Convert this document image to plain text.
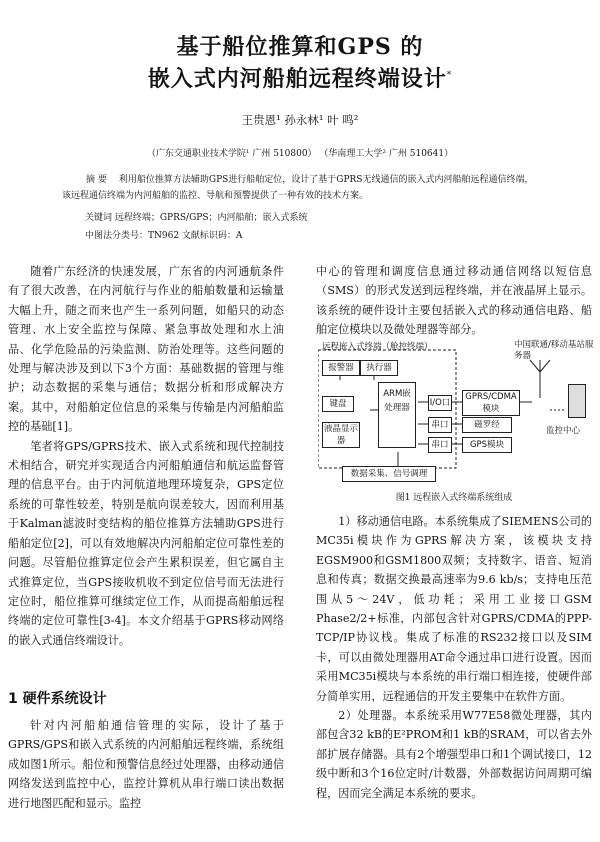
基于船位推算和GPS 的
嵌入式内河船舶远程终端设计*
王贵恩¹ 孙永林¹ 叶 鸣²
（广东交通职业技术学院¹ 广州 510800） （华南理工大学² 广州 510641）
摘 要 利用船位推算方法辅助GPS进行船舶定位，设计了基于GPRS无线通信的嵌入式内河船舶远程通信终端，该远程通信终端为内河船舶的监控、导航和预警提供了一种有效的技术方案。
关键词 远程终端；GPRS/GPS；内河船舶；嵌入式系统
中图法分类号：TN962 文献标识码：A

随着广东经济的快速发展，广东省的内河通航条件有了很大改善，在内河航行与作业的船舶数量和运输量大幅上升，随之而来也产生一系列问题，如船只的动态管理、水上安全监控与保障、紧急事故处理和水上油品、化学危险品的污染监测、防治处理等。这些问题的处理与解决涉及到以下3个方面：基础数据的管理与维护；动态数据的采集与通信；数据分析和形成解决方案。其中，对船舶定位信息的采集与传输是内河船舶监控的基础[1]。

笔者将GPS/GPRS技术、嵌入式系统和现代控制技术相结合，研究并实现适合内河船舶通信和航运监督管理的信息平台。由于内河航道地理环境复杂，GPS定位系统的可靠性较差，特别是航向误差较大，因而利用基于Kalman滤波时变结构的船位推算方法辅助GPS进行船舶定位[2]，可以有效地解决内河船舶定位可靠性差的问题。尽管船位推算定位会产生累积误差，但它属自主式推算定位，当GPS接收机收不到定位信号而无法进行定位时，船位推算可继续定位工作，从而提高船舶远程终端的定位可靠性[3-4]。本文介绍基于GPRS移动网络的嵌入式通信终端设计。

1 硬件系统设计

针对内河船舶通信管理的实际，设计了基于GPRS/GPS和嵌入式系统的内河船舶远程终端，系统组成如图1所示。船位和预警信息经过处理器，由移动通信网络发送到监控中心，监控计算机从串行端口读出数据进行地图匹配和显示。监控

中心的管理和调度信息通过移动通信网络以短信息（SMS）的形式发送到远程终端，并在液晶屏上显示。该系统的硬件设计主要包括嵌入式的移动通信电路、船舶定位模块以及微处理器等部分。

远程嵌入式终端（舱控终端）
报警器	执行器
键盘
液晶显示器
ARM嵌处理器	I/O口
串口
串口
GPRS/CDMA模块
磁罗经
GPS模块
数据采集、信号调理
中国联通/移动基站服务器
监控中心
图1 远程嵌入式终端系统组成

1）移动通信电路。本系统集成了SIEMENS公司的MC35i模块作为GPRS解决方案，该模块支持EGSM900和GSM1800双频；支持数字、语音、短消息和传真；数据交换最高速率为9.6 kb/s；支持电压范围从5～24V，低功耗；采用工业接口GSM Phase2/2+标准，内部包含针对GPRS/CDMA的PPP-TCP/IP协议栈。集成了标准的RS232接口以及SIM卡，可以由微处理器用AT命令通过串口进行设置。因而采用MC35i模块与本系统的串行端口相连接，使硬件部分简单实用，远程通信的开发主要集中在软件方面。

2）处理器。本系统采用W77E58微处理器，其内部包含32 kB的E²PROM和1 kB的SRAM，可以省去外部扩展存储器。具有2个增强型串口和1个调试接口，12级中断和3个16位定时/计数器，外部数据访问周期可编程，因而完全满足本系统的要求。
